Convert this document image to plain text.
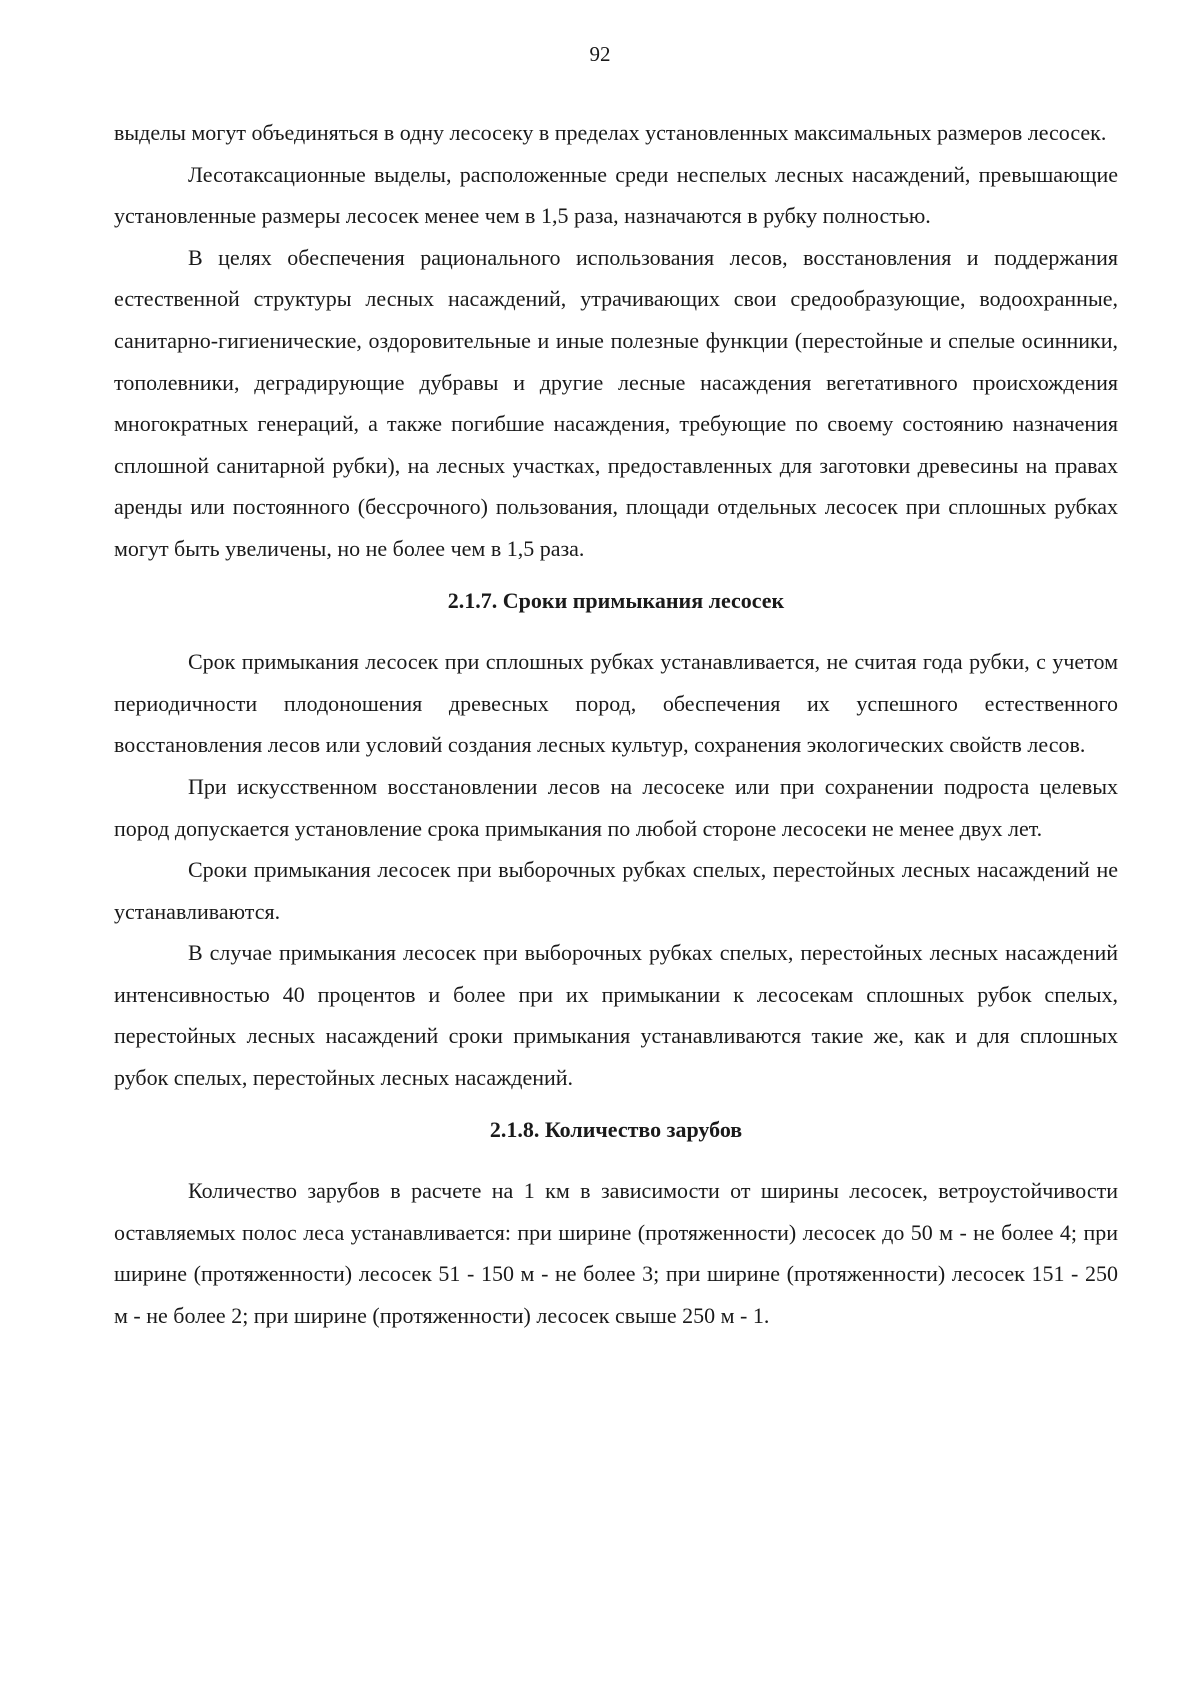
92

выделы могут объединяться в одну лесосеку в пределах установленных максимальных размеров лесосек.

Лесотаксационные выделы, расположенные среди неспелых лесных насаждений, превышающие установленные размеры лесосек менее чем в 1,5 раза, назначаются в рубку полностью.

В целях обеспечения рационального использования лесов, восстановления и поддержания естественной структуры лесных насаждений, утрачивающих свои средообразующие, водоохранные, санитарно-гигиенические, оздоровительные и иные полезные функции (перестойные и спелые осинники, тополевники, деградирующие дубравы и другие лесные насаждения вегетативного происхождения многократных генераций, а также погибшие насаждения, требующие по своему состоянию назначения сплошной санитарной рубки), на лесных участках, предоставленных для заготовки древесины на правах аренды или постоянного (бессрочного) пользования, площади отдельных лесосек при сплошных рубках могут быть увеличены, но не более чем в 1,5 раза.

2.1.7. Сроки примыкания лесосек

Срок примыкания лесосек при сплошных рубках устанавливается, не считая года рубки, с учетом периодичности плодоношения древесных пород, обеспечения их успешного естественного восстановления лесов или условий создания лесных культур, сохранения экологических свойств лесов.

При искусственном восстановлении лесов на лесосеке или при сохранении подроста целевых пород допускается установление срока примыкания по любой стороне лесосеки не менее двух лет.

Сроки примыкания лесосек при выборочных рубках спелых, перестойных лесных насаждений не устанавливаются.

В случае примыкания лесосек при выборочных рубках спелых, перестойных лесных насаждений интенсивностью 40 процентов и более при их примыкании к лесосекам сплошных рубок спелых, перестойных лесных насаждений сроки примыкания устанавливаются такие же, как и для сплошных рубок спелых, перестойных лесных насаждений.

2.1.8. Количество зарубов

Количество зарубов в расчете на 1 км в зависимости от ширины лесосек, ветроустойчивости оставляемых полос леса устанавливается: при ширине (протяженности) лесосек до 50 м - не более 4; при ширине (протяженности) лесосек 51 - 150 м - не более 3; при ширине (протяженности) лесосек 151 - 250 м - не более 2; при ширине (протяженности) лесосек свыше 250 м - 1.
